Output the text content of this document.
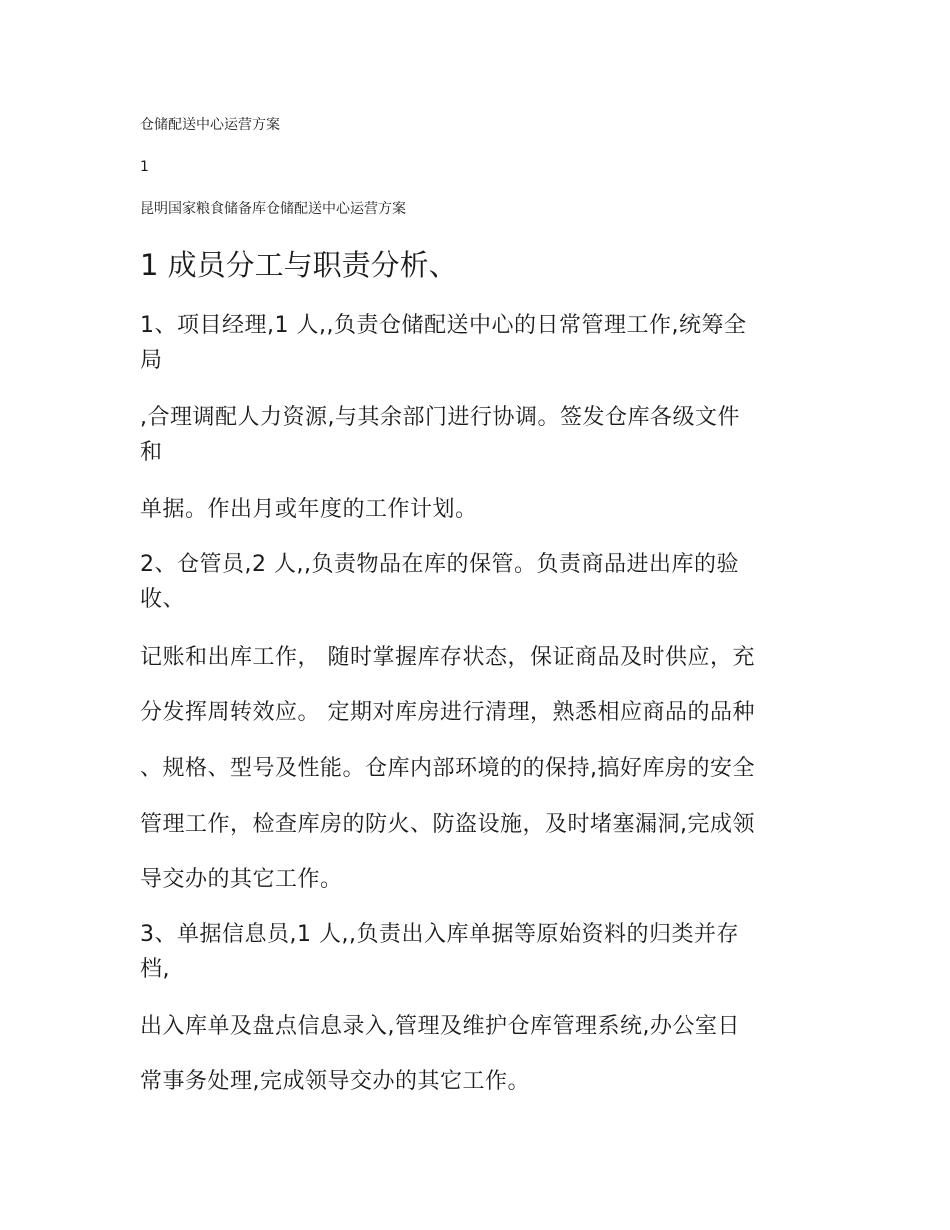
仓储配送中心运营方案
1
昆明国家粮食储备库仓储配送中心运营方案
1 成员分工与职责分析、
1、项目经理,1 人,,负责仓储配送中心的日常管理工作,统筹全
局
,合理调配人力资源,与其余部门进行协调。签发仓库各级文件
和
单据。作出月或年度的工作计划。
2、仓管员,2 人,,负责物品在库的保管。负责商品进出库的验
收、
记账和出库工作， 随时掌握库存状态，保证商品及时供应，充
分发挥周转效应。 定期对库房进行清理，熟悉相应商品的品种
、规格、型号及性能。仓库内部环境的的保持,搞好库房的安全
管理工作，检查库房的防火、防盗设施，及时堵塞漏洞,完成领
导交办的其它工作。
3、单据信息员,1 人,,负责出入库单据等原始资料的归类并存
档,
出入库单及盘点信息录入,管理及维护仓库管理系统,办公室日
常事务处理,完成领导交办的其它工作。
